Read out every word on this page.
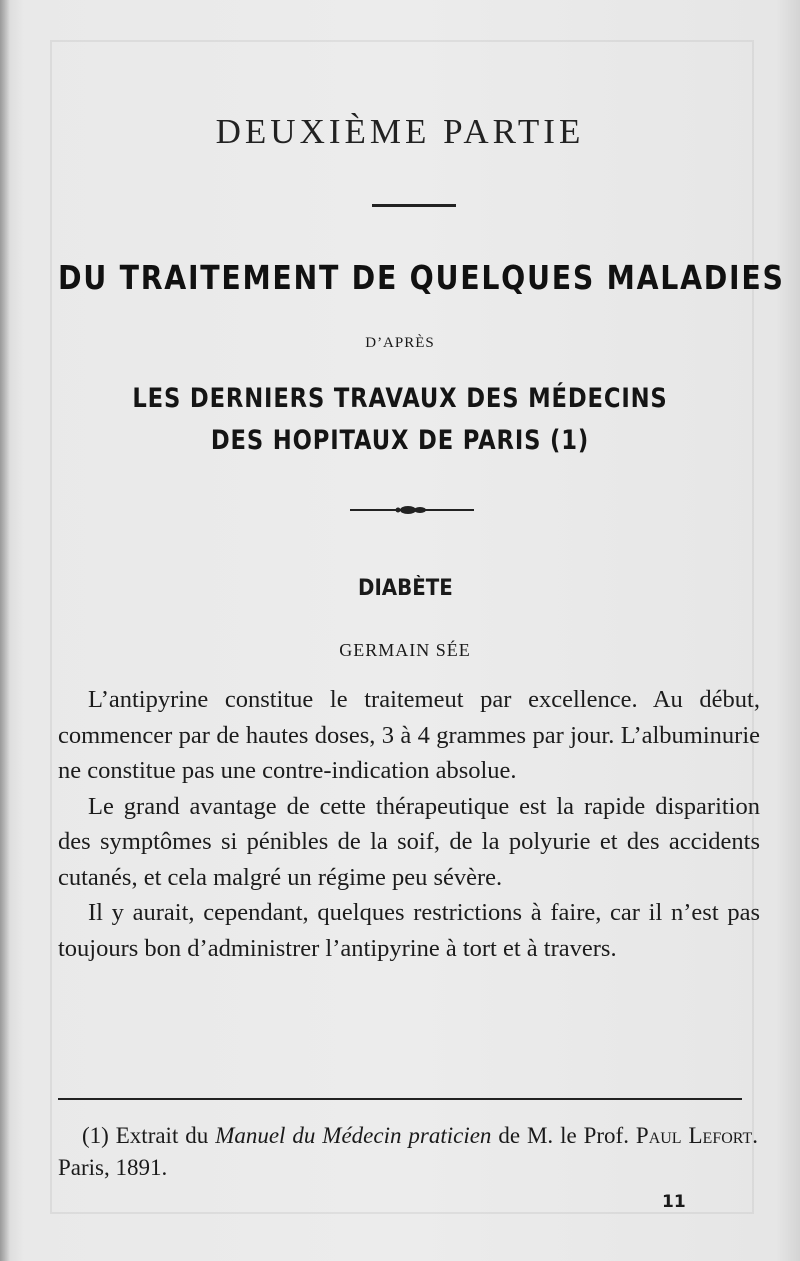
DEUXIÈME PARTIE
DU TRAITEMENT DE QUELQUES MALADIES
D’APRÈS
LES DERNIERS TRAVAUX DES MÉDECINS
DES HOPITAUX DE PARIS (1)
DIABÈTE
GERMAIN SÉE

L’antipyrine constitue le traitemeut par excellence. Au début, commencer par de hautes doses, 3 à 4 grammes par jour. L’albuminurie ne constitue pas une contre-indication absolue.

Le grand avantage de cette thérapeutique est la rapide disparition des symptômes si pénibles de la soif, de la polyurie et des accidents cutanés, et cela malgré un régime peu sévère.

Il y aurait, cependant, quelques restrictions à faire, car il n’est pas toujours bon d’administrer l’antipyrine à tort et à travers.

(1) Extrait du Manuel du Médecin praticien de M. le Prof. Paul Lefort. Paris, 1891.
11
